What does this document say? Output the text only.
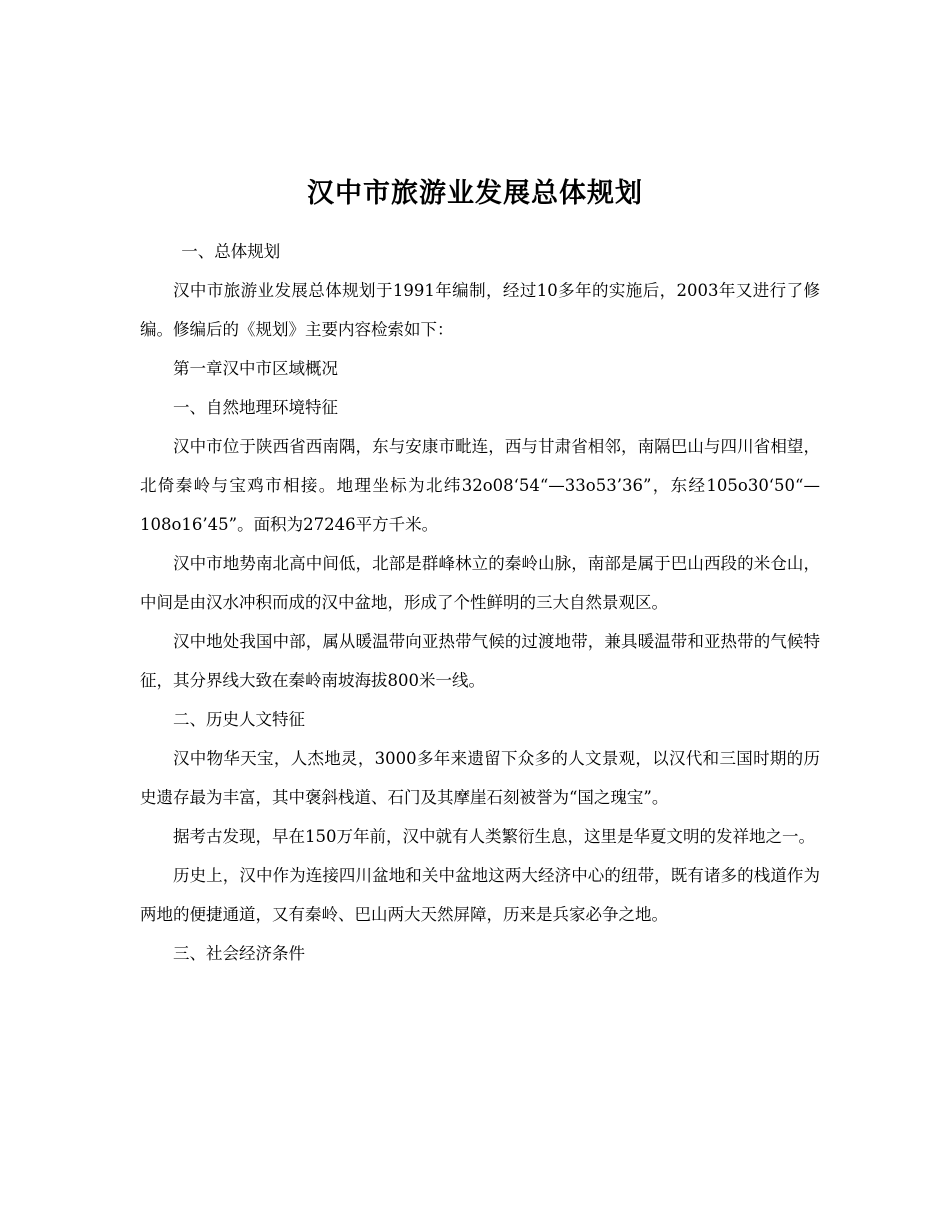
汉中市旅游业发展总体规划

一、总体规划

汉中市旅游业发展总体规划于1991年编制，经过10多年的实施后，2003年又进行了修编。修编后的《规划》主要内容检索如下：

第一章汉中市区域概况

一、自然地理环境特征

汉中市位于陕西省西南隅，东与安康市毗连，西与甘肃省相邻，南隔巴山与四川省相望，北倚秦岭与宝鸡市相接。地理坐标为北纬32o08‘54“—33o53’36”，东经105o30‘50“—108o16’45”。面积为27246平方千米。

汉中市地势南北高中间低，北部是群峰林立的秦岭山脉，南部是属于巴山西段的米仓山，中间是由汉水冲积而成的汉中盆地，形成了个性鲜明的三大自然景观区。

汉中地处我国中部，属从暖温带向亚热带气候的过渡地带，兼具暖温带和亚热带的气候特征，其分界线大致在秦岭南坡海拔800米一线。

二、历史人文特征

汉中物华天宝，人杰地灵，3000多年来遗留下众多的人文景观，以汉代和三国时期的历史遗存最为丰富，其中褒斜栈道、石门及其摩崖石刻被誉为“国之瑰宝”。

据考古发现，早在150万年前，汉中就有人类繁衍生息，这里是华夏文明的发祥地之一。

历史上，汉中作为连接四川盆地和关中盆地这两大经济中心的纽带，既有诸多的栈道作为两地的便捷通道，又有秦岭、巴山两大天然屏障，历来是兵家必争之地。

三、社会经济条件
